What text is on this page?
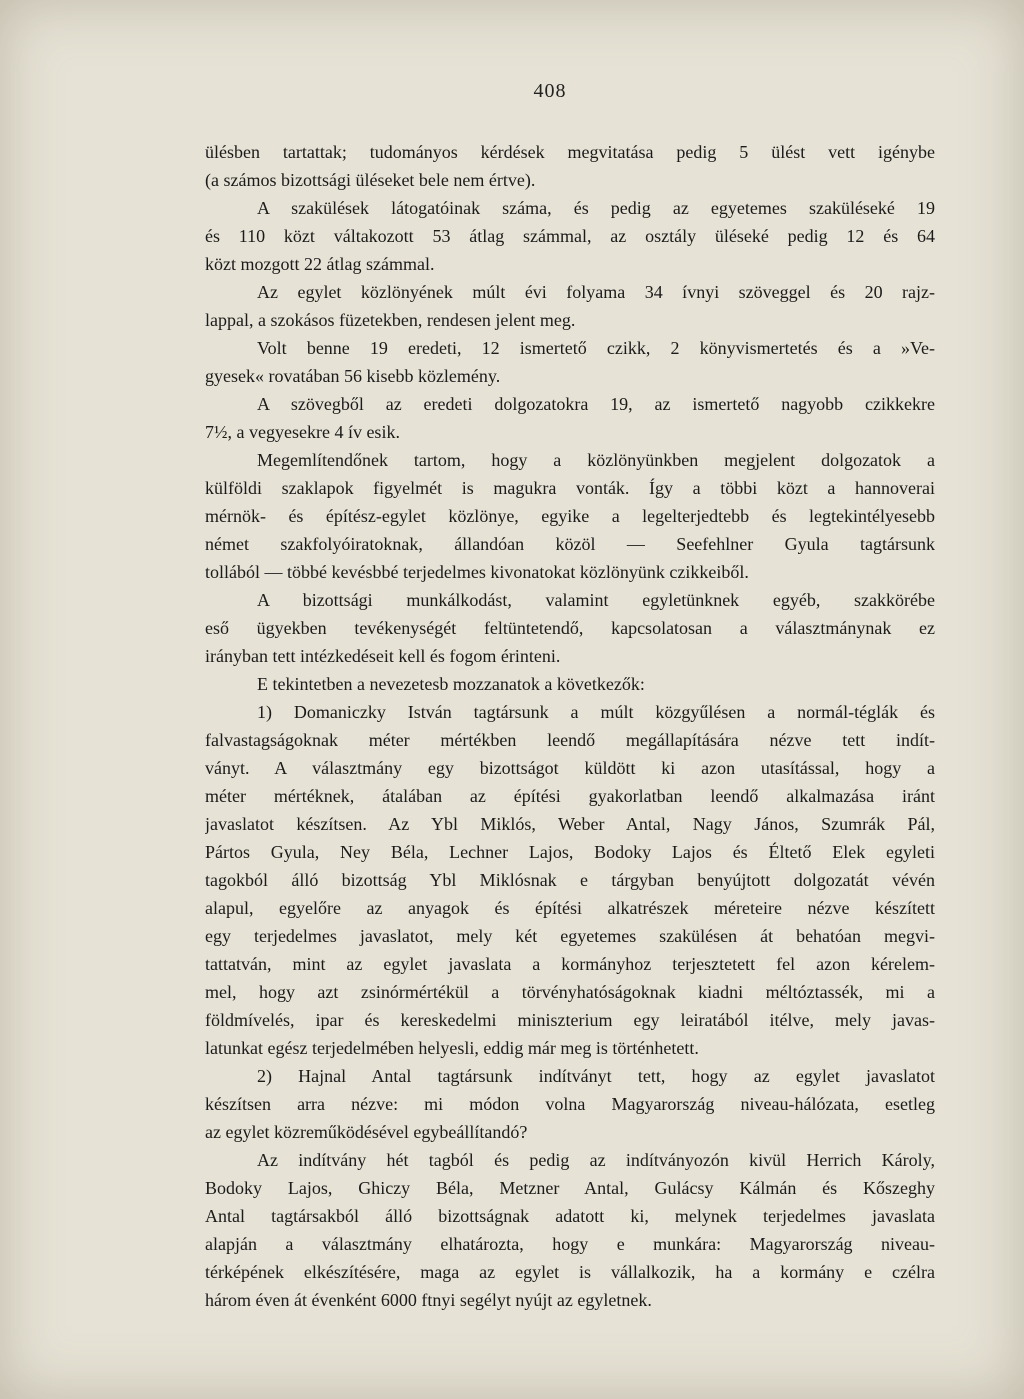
408
ülésben tartattak; tudományos kérdések megvitatása pedig 5 ülést vett igénybe
(a számos bizottsági üléseket bele nem értve).
A szakülések látogatóinak száma, és pedig az egyetemes szaküléseké 19
és 110 közt váltakozott 53 átlag számmal, az osztály üléseké pedig 12 és 64
közt mozgott 22 átlag számmal.
Az egylet közlönyének múlt évi folyama 34 ívnyi szöveggel és 20 rajz-
lappal, a szokásos füzetekben, rendesen jelent meg.
Volt benne 19 eredeti, 12 ismertető czikk, 2 könyvismertetés és a »Ve-
gyesek« rovatában 56 kisebb közlemény.
A szövegből az eredeti dolgozatokra 19, az ismertető nagyobb czikkekre
7½, a vegyesekre 4 ív esik.
Megemlítendőnek tartom, hogy a közlönyünkben megjelent dolgozatok a
külföldi szaklapok figyelmét is magukra vonták. Így a többi közt a hannoverai
mérnök- és építész-egylet közlönye, egyike a legelterjedtebb és legtekintélyesebb
német szakfolyóiratoknak, állandóan közöl — Seefehlner Gyula tagtársunk
tollából — többé kevésbbé terjedelmes kivonatokat közlönyünk czikkeiből.
A bizottsági munkálkodást, valamint egyletünknek egyéb, szakkörébe
eső ügyekben tevékenységét feltüntetendő, kapcsolatosan a választmánynak ez
irányban tett intézkedéseit kell és fogom érinteni.
E tekintetben a nevezetesb mozzanatok a következők:
1) Domaniczky István tagtársunk a múlt közgyűlésen a normál-téglák és
falvastagságoknak méter mértékben leendő megállapítására nézve tett indít-
ványt. A választmány egy bizottságot küldött ki azon utasítással, hogy a
méter mértéknek, átalában az építési gyakorlatban leendő alkalmazása iránt
javaslatot készítsen. Az Ybl Miklós, Weber Antal, Nagy János, Szumrák Pál,
Pártos Gyula, Ney Béla, Lechner Lajos, Bodoky Lajos és Éltető Elek egyleti
tagokból álló bizottság Ybl Miklósnak e tárgyban benyújtott dolgozatát vévén
alapul, egyelőre az anyagok és építési alkatrészek méreteire nézve készített
egy terjedelmes javaslatot, mely két egyetemes szakülésen át behatóan megvi-
tattatván, mint az egylet javaslata a kormányhoz terjesztetett fel azon kérelem-
mel, hogy azt zsinórmértékül a törvényhatóságoknak kiadni méltóztassék, mi a
földmívelés, ipar és kereskedelmi miniszterium egy leiratából itélve, mely javas-
latunkat egész terjedelmében helyesli, eddig már meg is történhetett.
2) Hajnal Antal tagtársunk indítványt tett, hogy az egylet javaslatot
készítsen arra nézve: mi módon volna Magyarország niveau-hálózata, esetleg
az egylet közreműködésével egybeállítandó?
Az indítvány hét tagból és pedig az indítványozón kivül Herrich Károly,
Bodoky Lajos, Ghiczy Béla, Metzner Antal, Gulácsy Kálmán és Kőszeghy
Antal tagtársakból álló bizottságnak adatott ki, melynek terjedelmes javaslata
alapján a választmány elhatározta, hogy e munkára: Magyarország niveau-
térképének elkészítésére, maga az egylet is vállalkozik, ha a kormány e czélra
három éven át évenként 6000 ftnyi segélyt nyújt az egyletnek.
